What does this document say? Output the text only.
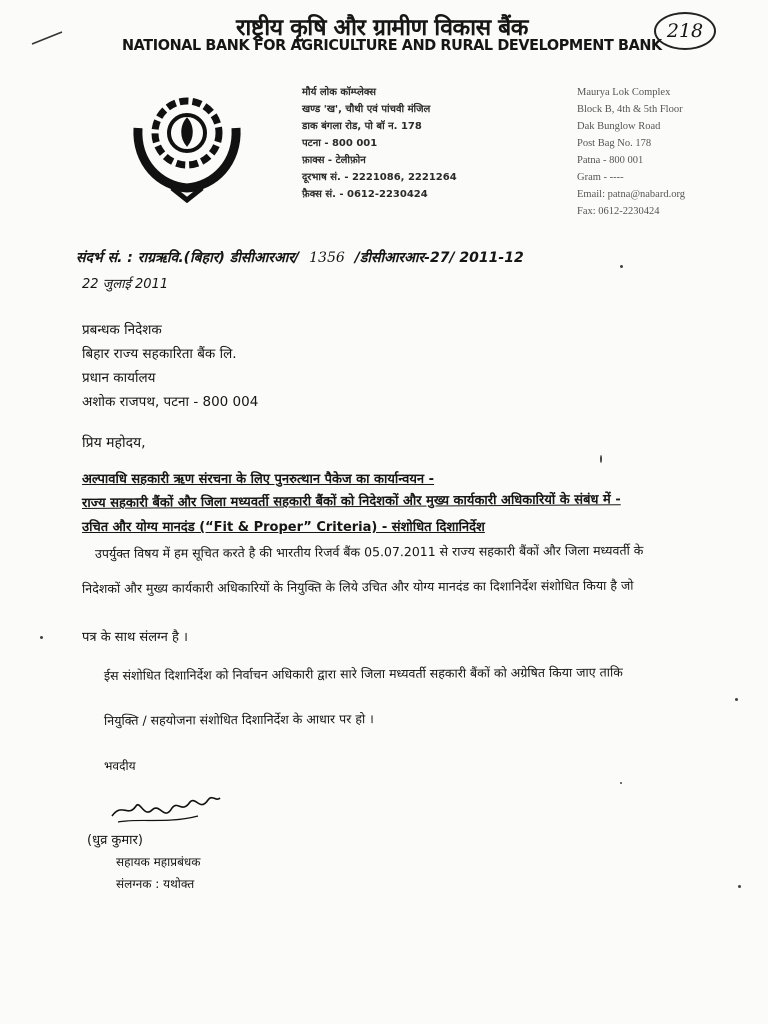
राष्ट्रीय कृषि और ग्रामीण विकास बैंक
NATIONAL BANK FOR AGRICULTURE AND RURAL DEVELOPMENT BANK
218
मौर्य लोक कॉम्प्लेक्स
खण्ड 'ख', चौथी एवं पांचवी मंजिल
डाक बंगला रोड, पो बॉ न. 178
पटना - 800 001
फ़ाक्स - टेलीफ़ोन
दूरभाष सं. - 2221086, 2221264
फ़ैक्स सं. - 0612-2230424
Maurya Lok Complex
Block B, 4th & 5th Floor
Dak Bunglow Road
Post Bag No. 178
Patna - 800 001
Gram - ----
Email: patna@nabard.org
Fax: 0612-2230424
संदर्भ सं. : राग्रऋवि.(बिहार) डीसीआरआर/ 1356 /डीसीआरआर-27/ 2011-12
22 जुलाई 2011
प्रबन्धक निदेशक
बिहार राज्य सहकारिता बैंक लि.
प्रधान कार्यालय
अशोक राजपथ, पटना - 800 004
प्रिय महोदय,
अल्पावधि सहकारी ऋण संरचना के लिए पुनरुत्थान पैकेज का कार्यान्वयन -
राज्य सहकारी बैंकों और जिला मध्यवर्ती सहकारी बैंकों को निदेशकों और मुख्य कार्यकारी अधिकारियों के संबंध में -
उचित और योग्य मानदंड (“Fit & Proper” Criteria) - संशोधित दिशानिर्देश
उपर्युक्त विषय में हम सूचित करते है की भारतीय रिजर्व बैंक 05.07.2011 से राज्य सहकारी बैंकों और जिला मध्यवर्ती के
निदेशकों और मुख्य कार्यकारी अधिकारियों के नियुक्ति के लिये उचित और योग्य मानदंड का दिशानिर्देश संशोधित किया है जो
पत्र के साथ संलग्न है ।
ईस संशोधित दिशानिर्देश को निर्वाचन अधिकारी द्वारा सारे जिला मध्यवर्ती सहकारी बैंकों को अग्रेषित किया जाए ताकि
नियुक्ति / सहयोजना संशोधित दिशानिर्देश के आधार पर हो ।
भवदीय
(धुव्र कुमार)
सहायक महाप्रबंधक
संलग्नक : यथोक्त
